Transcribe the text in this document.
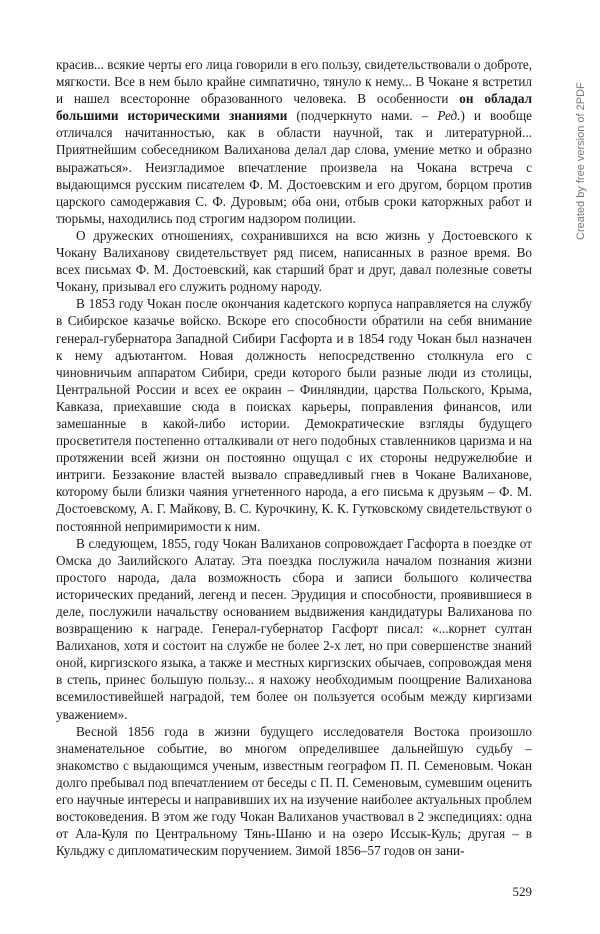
красив... всякие черты его лица говорили в его пользу, свидетельствовали о доброте, мягкости. Все в нем было крайне симпатично, тянуло к нему... В Чокане я встретил и нашел всесторонне образованного человека. В особенности он обладал большими историческими знаниями (подчеркнуто нами. – Ред.) и вообще отличался начитанностью, как в области научной, так и литературной... Приятнейшим собеседником Валиханова делал дар слова, умение метко и образно выражаться». Неизгладимое впечатление произвела на Чокана встреча с выдающимся русским писателем Ф. М. Достоевским и его другом, борцом против царского самодержавия С. Ф. Дуровым; оба они, отбыв сроки каторжных работ и тюрьмы, находились под строгим надзором полиции.

О дружеских отношениях, сохранившихся на всю жизнь у Достоевского к Чокану Валиханову свидетельствует ряд писем, написанных в разное время. Во всех письмах Ф. М. Достоевский, как старший брат и друг, давал полезные советы Чокану, призывал его служить родному народу.

В 1853 году Чокан после окончания кадетского корпуса направляется на службу в Сибирское казачье войско. Вскоре его способности обратили на себя внимание генерал-губернатора Западной Сибири Гасфорта и в 1854 году Чокан был назначен к нему адъютантом. Новая должность непосредственно столкнула его с чиновничьим аппаратом Сибири, среди которого были разные люди из столицы, Центральной России и всех ее окраин – Финляндии, царства Польского, Крыма, Кавказа, приехавшие сюда в поисках карьеры, поправления финансов, или замешанные в какой-либо истории. Демократические взгляды будущего просветителя постепенно отталкивали от него подобных ставленников царизма и на протяжении всей жизни он постоянно ощущал с их стороны недружелюбие и интриги. Беззаконие властей вызвало справедливый гнев в Чокане Валиханове, которому были близки чаяния угнетенного народа, а его письма к друзьям – Ф. М. Достоевскому, А. Г. Майкову, В. С. Курочкину, К. К. Гутковскому свидетельствуют о постоянной непримиримости к ним.

В следующем, 1855, году Чокан Валиханов сопровождает Гасфорта в поездке от Омска до Заилийского Алатау. Эта поездка послужила началом познания жизни простого народа, дала возможность сбора и записи большого количества исторических преданий, легенд и песен. Эрудиция и способности, проявившиеся в деле, послужили начальству основанием выдвижения кандидатуры Валиханова по возвращению к награде. Генерал-губернатор Гасфорт писал: «...корнет султан Валиханов, хотя и состоит на службе не более 2-х лет, но при совершенстве знаний оной, киргизского языка, а также и местных киргизских обычаев, сопровождая меня в степь, принес большую пользу... я нахожу необходимым поощрение Валиханова всемилостивейшей наградой, тем более он пользуется особым между киргизами уважением».

Весной 1856 года в жизни будущего исследователя Востока произошло знаменательное событие, во многом определившее дальнейшую судьбу – знакомство с выдающимся ученым, известным географом П. П. Семеновым. Чокан долго пребывал под впечатлением от беседы с П. П. Семеновым, сумевшим оценить его научные интересы и направивших их на изучение наиболее актуальных проблем востоковедения. В этом же году Чокан Валиханов участвовал в 2 экспедициях: одна от Ала-Куля по Центральному Тянь-Шаню и на озеро Иссык-Куль; другая – в Кульджу с дипломатическим поручением. Зимой 1856–57 годов он зани-

529
Created by free version of 2PDF
